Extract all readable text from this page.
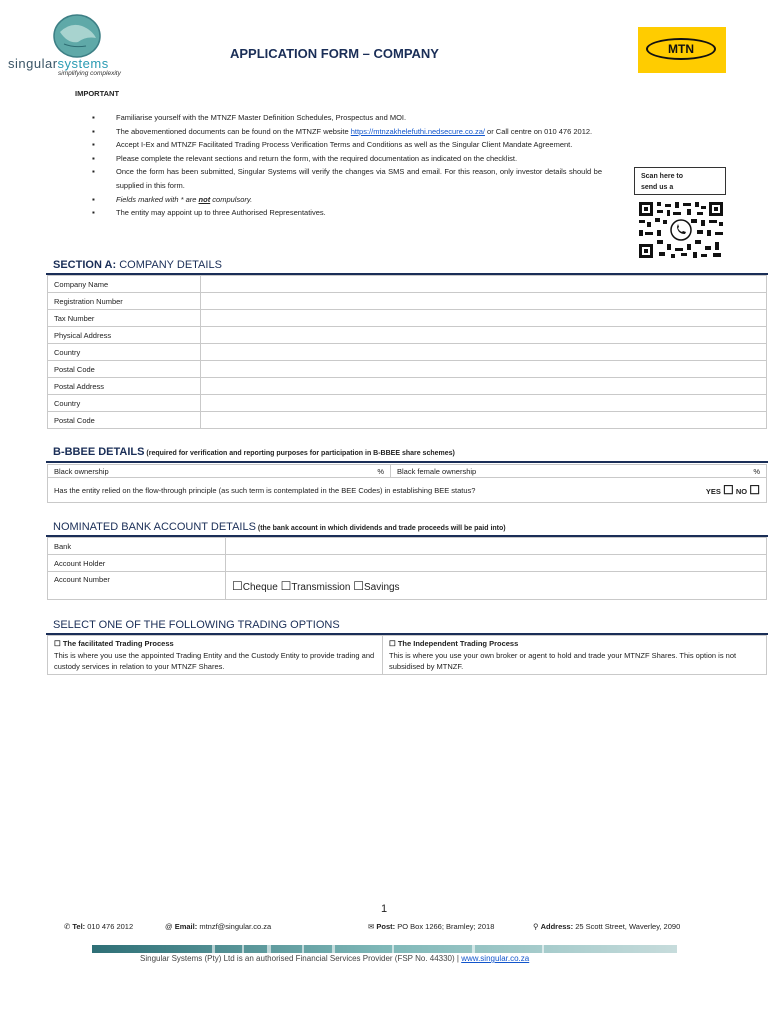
singularsystems
simplifying complexity
APPLICATION FORM – COMPANY	MTN
IMPORTANT
▪ Familiarise yourself with the MTNZF Master Definition Schedules, Prospectus and MOI.
▪ The abovementioned documents can be found on the MTNZF website https://mtnzakhelefuthi.nedsecure.co.za/ or Call centre on 010 476 2012.
▪ Accept I-Ex and MTNZF Facilitated Trading Process Verification Terms and Conditions as well as the Singular Client Mandate Agreement.
▪ Please complete the relevant sections and return the form, with the required documentation as indicated on the checklist.
▪ Once the form has been submitted, Singular Systems will verify the changes via SMS and email. For this reason, only investor details should be supplied in this form.
▪ Fields marked with * are not compulsory.
▪ The entity may appoint up to three Authorised Representatives.
Scan here to
send us a
SECTION A: COMPANY DETAILS
Company Name	
Registration Number	
Tax Number	
Physical Address	
Country	
Postal Code	
Postal Address	
Country	
Postal Code	
B-BBEE DETAILS (required for verification and reporting purposes for participation in B-BBEE share schemes)
Black ownership	%	Black female ownership	%

Has the entity relied on the flow-through principle (as such term is contemplated in the BEE Codes) in establishing BEE status?	YES ☐ NO ☐
NOMINATED BANK ACCOUNT DETAILS (the bank account in which dividends and trade proceeds will be paid into)
Bank	
Account Holder	
Account Number	☐Cheque ☐Transmission ☐Savings
SELECT ONE OF THE FOLLOWING TRADING OPTIONS
☐ The facilitated Trading Process
This is where you use the appointed Trading Entity and the Custody Entity to provide trading and custody services in relation to your MTNZF Shares.

☐ The Independent Trading Process
This is where you use your own broker or agent to hold and trade your MTNZF Shares. This option is not subsidised by MTNZF.
1
✆ Tel: 010 476 2012	@ Email: mtnzf@singular.co.za	✉ Post: PO Box 1266; Bramley; 2018	⚲ Address: 25 Scott Street, Waverley, 2090
Singular Systems (Pty) Ltd is an authorised Financial Services Provider (FSP No. 44330) | www.singular.co.za
